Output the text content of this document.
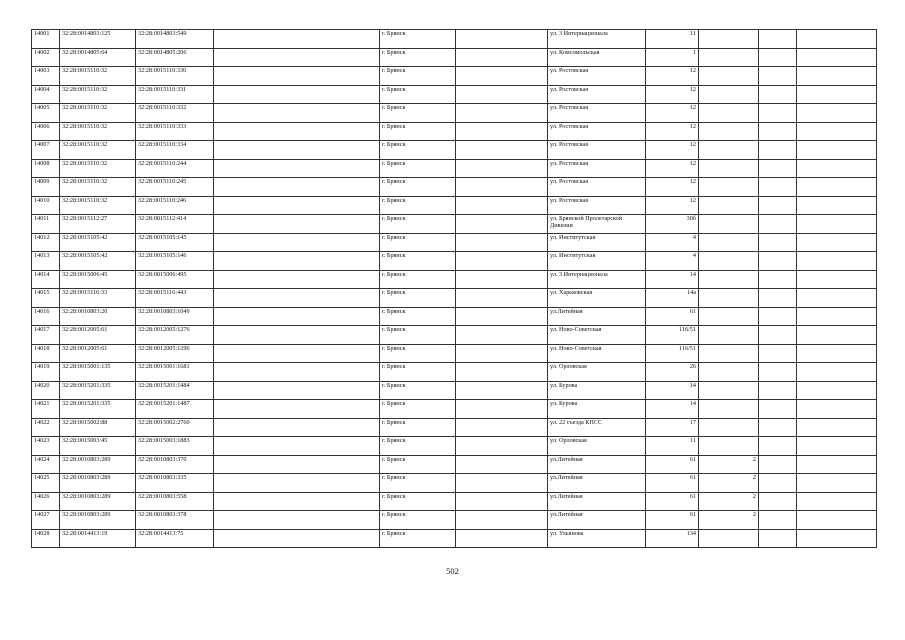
14001	32:28:0014803:125	32:28:0014803:549		г. Брянск		ул. 3 Интернационала	11			
14002	32:28:0014805:64	32:28:0014805:206		г. Брянск		ул. Комсомольская	1			
14003	32:28:0015110:32	32:28:0015110:330		г. Брянск		ул. Ростовская	12			
14004	32:28:0015110:32	32:28:0015110:331		г. Брянск		ул. Ростовская	12			
14005	32:28:0015110:32	32:28:0015110:332		г. Брянск		ул. Ростовская	12			
14006	32:28:0015110:32	32:28:0015110:333		г. Брянск		ул. Ростовская	12			
14007	32:28:0015110:32	32:28:0015110:334		г. Брянск		ул. Ростовская	12			
14008	32:28:0015110:32	32:28:0015110:244		г. Брянск		ул. Ростовская	12			
14009	32:28:0015110:32	32:28:0015110:245		г. Брянск		ул. Ростовская	12			
14010	32:28:0015110:32	32:28:0015110:246		г. Брянск		ул. Ростовская	12			
14011	32:28:0015112:27	32:28:0015112:414		г. Брянск		ул. Брянской Пролетарской Дивизии	30б			
14012	32:28:0015105:42	32:28:0015105:145		г. Брянск		ул. Институтская	4			
14013	32:28:0015105:42	32:28:0015105:146		г. Брянск		ул. Институтская	4			
14014	32:28:0015006:45	32:28:0015006:495		г. Брянск		ул. 3 Интернационала	14			
14015	32:28:0015116:33	32:28:0015116:443		г. Брянск		ул. Харьковская	14а			
14016	32:28:0010803:20	32:28:0010803:1049		г. Брянск		ул.Литейная	61			
14017	32:28:0012005:61	32:28:0012005:1276		г. Брянск		ул. Ново-Советская	116/51			
14018	32:28:0012005:61	32:28:0012005:1296		г. Брянск		ул. Ново-Советская	116/51			
14019	32:28:0015001:135	32:28:0015001:1681		г. Брянск		ул. Орловская	26			
14020	32:28:0015201:335	32:28:0015201:1484		г. Брянск		ул. Бурова	14			
14021	32:28:0015201:335	32:28:0015201:1487		г. Брянск		ул. Бурова	14			
14022	32:28:0015002:88	32:28:0015002:2760		г. Брянск		ул. 22 съезда КПСС	17			
14023	32:28:0015003:45	32:28:0015003:1883		г. Брянск		ул. Орловская	11			
14024	32:28:0010803:289	32:28:0010803:370		г. Брянск		ул.Литейная	61	2		
14025	32:28:0010803:289	32:28:0010803:335		г. Брянск		ул.Литейная	61	2		
14026	32:28:0010803:289	32:28:0010803:558		г. Брянск		ул.Литейная	61	2		
14027	32:28:0010803:289	32:28:0010803:378		г. Брянск		ул.Литейная	61	2		
14028	32:28:0014413:19	32:28:0014413:75		г. Брянск		ул. Ульянова	134			
502
